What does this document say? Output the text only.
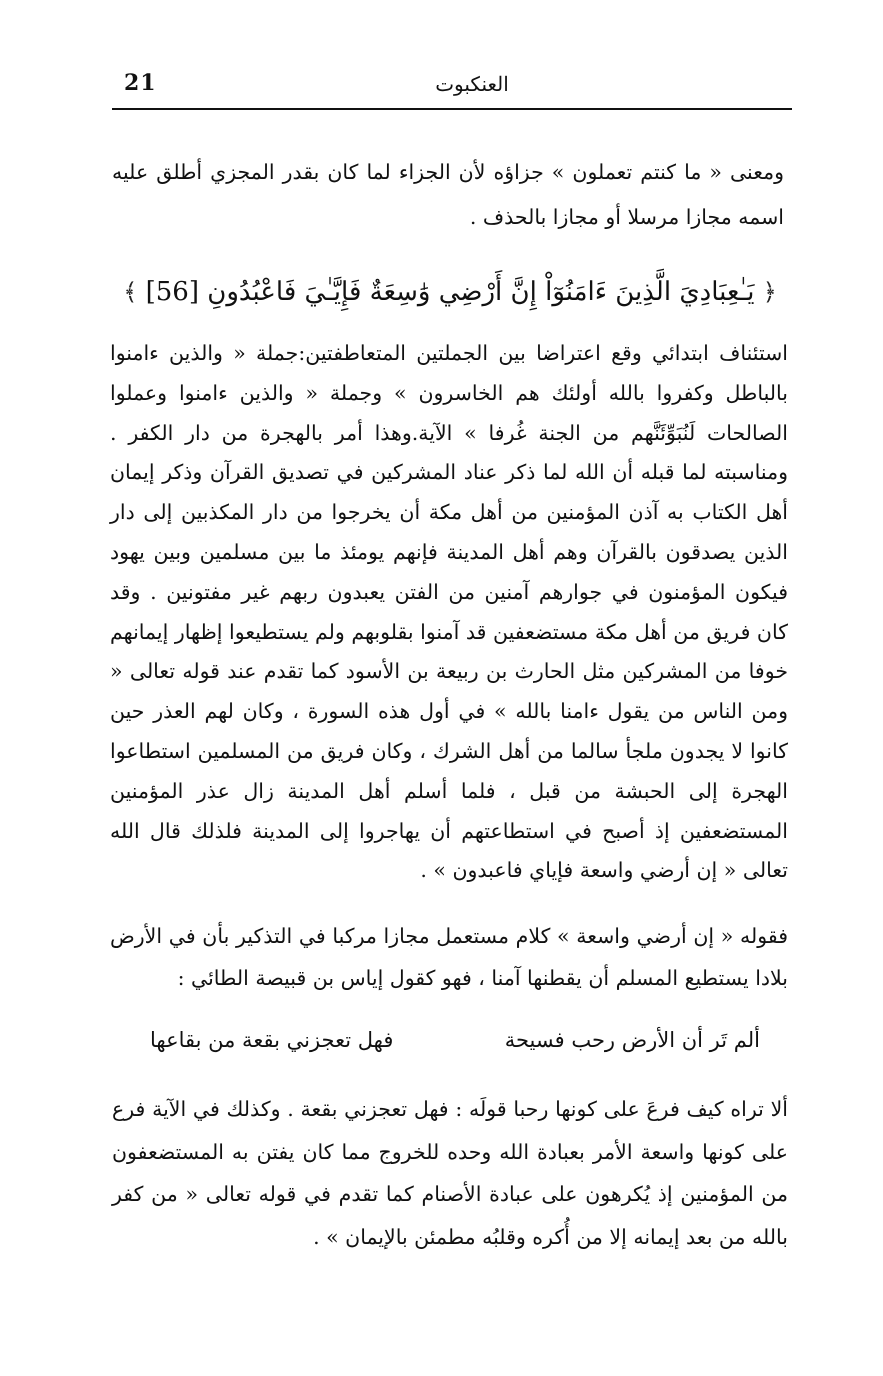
21	العنكبوت

ومعنى « ما كنتم تعملون » جزاؤه لأن الجزاء لما كان بقدر المجزي أطلق عليه اسمه مجازا مرسلا أو مجازا بالحذف .

﴿ يَـٰعِبَادِيَ الَّذِينَ ءَامَنُوٓاْ إِنَّ أَرْضِي وَٰسِعَةٌ فَإِيَّـٰيَ فَاعْبُدُونِ [56] ﴾

استئناف ابتدائي وقع اعتراضا بين الجملتين المتعاطفتين:جملة « والذين ءامنوا بالباطل وكفروا بالله أولئك هم الخاسرون » وجملة « والذين ءامنوا وعملوا الصالحات لَنُبَوِّئَنَّهم من الجنة غُرفا » الآية.وهذا أمر بالهجرة من دار الكفر . ومناسبته لما قبله أن الله لما ذكر عناد المشركين في تصديق القرآن وذكر إيمان أهل الكتاب به آذن المؤمنين من أهل مكة أن يخرجوا من دار المكذبين إلى دار الذين يصدقون بالقرآن وهم أهل المدينة فإنهم يومئذ ما بين مسلمين وبين يهود فيكون المؤمنون في جوارهم آمنين من الفتن يعبدون ربهم غير مفتونين . وقد كان فريق من أهل مكة مستضعفين قد آمنوا بقلوبهم ولم يستطيعوا إظهار إيمانهم خوفا من المشركين مثل الحارث بن ربيعة بن الأسود كما تقدم عند قوله تعالى « ومن الناس من يقول ءامنا بالله » في أول هذه السورة ، وكان لهم العذر حين كانوا لا يجدون ملجأ سالما من أهل الشرك ، وكان فريق من المسلمين استطاعوا الهجرة إلى الحبشة من قبل ، فلما أسلم أهل المدينة زال عذر المؤمنين المستضعفين إذ أصبح في استطاعتهم أن يهاجروا إلى المدينة فلذلك قال الله تعالى « إن أرضي واسعة فإياي فاعبدون » .

فقوله « إن أرضي واسعة » كلام مستعمل مجازا مركبا في التذكير بأن في الأرض بلادا يستطيع المسلم أن يقطنها آمنا ، فهو كقول إياس بن قبيصة الطائي :

ألم تَر أن الأرض رحب فسيحة
فهل تعجزني بقعة من بقاعها

ألا تراه كيف فرعَ على كونها رحبا قولَه : فهل تعجزني بقعة . وكذلك في الآية فرع على كونها واسعة الأمر بعبادة الله وحده للخروج مما كان يفتن به المستضعفون من المؤمنين إذ يُكرهون على عبادة الأصنام كما تقدم في قوله تعالى « من كفر بالله من بعد إيمانه إلا من أُكره وقلبُه مطمئن بالإيمان » .
